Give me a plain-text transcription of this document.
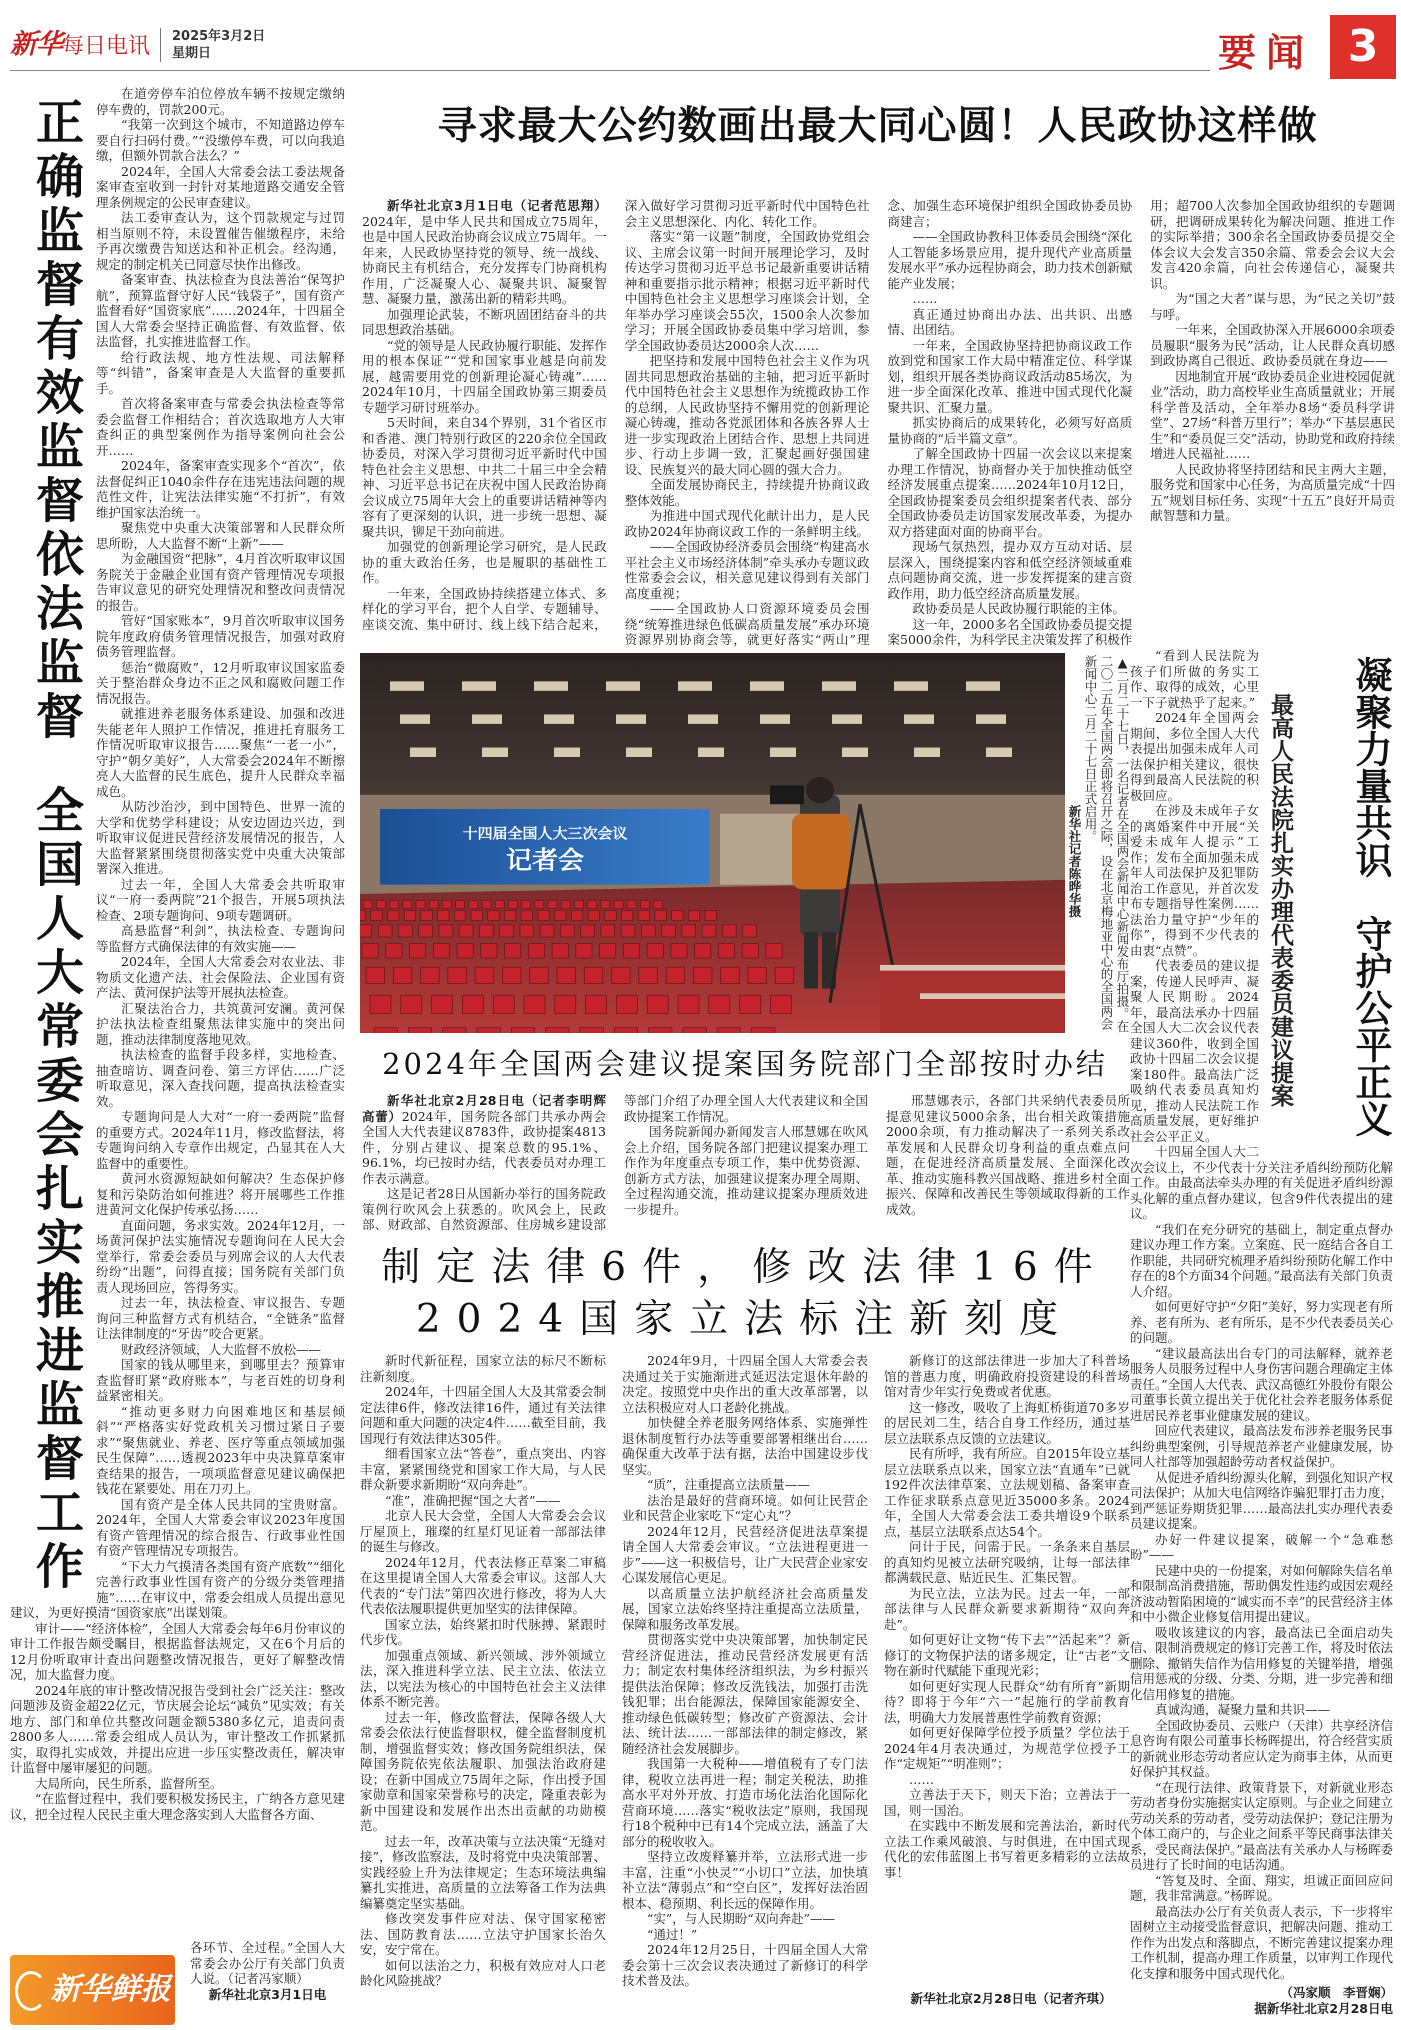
新华每日电讯 2025年3月2日
星期日	要闻 3
正确监督有效监督依法监督
全国人大常委会扎实推进监督工作

在道旁停车泊位停放车辆不按规定缴纳停车费的，罚款200元。

“我第一次到这个城市，不知道路边停车要自行扫码付费。”“没缴停车费，可以向我追缴，但额外罚款合法么？”

2024年，全国人大常委会法工委法规备案审查室收到一封针对某地道路交通安全管理条例规定的公民审查建议。

法工委审查认为，这个罚款规定与过罚相当原则不符，未设置催告催缴程序，未给予再次缴费告知送达和补正机会。经沟通，规定的制定机关已同意尽快作出修改。

备案审查、执法检查为良法善治“保驾护航”，预算监督守好人民“钱袋子”，国有资产监督看好“国资家底”……2024年，十四届全国人大常委会坚持正确监督、有效监督、依法监督，扎实推进监督工作。

给行政法规、地方性法规、司法解释等“纠错”，备案审查是人大监督的重要抓手。

首次将备案审查与常委会执法检查等常委会监督工作相结合；首次选取地方人大审查纠正的典型案例作为指导案例向社会公开……

2024年，备案审查实现多个“首次”，依法督促纠正1040余件存在违宪违法问题的规范性文件，让宪法法律实施“不打折”，有效维护国家法治统一。

聚焦党中央重大决策部署和人民群众所思所盼，人大监督不断“上新”——

为金融国资“把脉”，4月首次听取审议国务院关于金融企业国有资产管理情况专项报告审议意见的研究处理情况和整改问责情况的报告。

管好“国家账本”，9月首次听取审议国务院年度政府债务管理情况报告，加强对政府债务管理监督。

惩治“微腐败”，12月听取审议国家监委关于整治群众身边不正之风和腐败问题工作情况报告。

就推进养老服务体系建设、加强和改进失能老年人照护工作情况，推进托育服务工作情况听取审议报告……聚焦“一老一小”，守护“朝夕美好”，人大常委会2024年不断擦亮人大监督的民生底色，提升人民群众幸福成色。

从防沙治沙，到中国特色、世界一流的大学和优势学科建设；从安边固边兴边，到听取审议促进民营经济发展情况的报告，人大监督紧紧围绕贯彻落实党中央重大决策部署深入推进。

过去一年，全国人大常委会共听取审议“一府一委两院”21个报告，开展5项执法检查、2项专题询问、9项专题调研。

高悬监督“利剑”，执法检查、专题询问等监督方式确保法律的有效实施——

2024年，全国人大常委会对农业法、非物质文化遗产法、社会保险法、企业国有资产法、黄河保护法等开展执法检查。

汇聚法治合力，共筑黄河安澜。黄河保护法执法检查组聚焦法律实施中的突出问题，推动法律制度落地见效。

执法检查的监督手段多样，实地检查、抽查暗访、调查问卷、第三方评估……广泛听取意见，深入查找问题，提高执法检查实效。

专题询问是人大对“一府一委两院”监督的重要方式。2024年11月，修改监督法，将专题询问纳入专章作出规定，凸显其在人大监督中的重要性。

黄河水资源短缺如何解决？生态保护修复和污染防治如何推进？将开展哪些工作推进黄河文化保护传承弘扬……

直面问题，务求实效。2024年12月，一场黄河保护法实施情况专题询问在人民大会堂举行，常委会委员与列席会议的人大代表纷纷“出题”，问得直接；国务院有关部门负责人现场回应，答得务实。

过去一年，执法检查、审议报告、专题询问三种监督方式有机结合，“全链条”监督让法律制度的“牙齿”咬合更紧。

财政经济领域，人大监督不放松——

国家的钱从哪里来，到哪里去？预算审查监督盯紧“政府账本”，与老百姓的切身利益紧密相关。

“推动更多财力向困难地区和基层倾斜”“严格落实好党政机关习惯过紧日子要求”“聚焦就业、养老、医疗等重点领域加强民生保障”……透视2023年中央决算草案审查结果的报告，一项项监督意见建议确保把钱花在紧要处、用在刀刃上。

国有资产是全体人民共同的宝贵财富。2024年，全国人大常委会审议2023年度国有资产管理情况的综合报告、行政事业性国有资产管理情况专项报告。

“下大力气摸清各类国有资产底数”“细化完善行政事业性国有资产的分级分类管理措施”……在审议中，常委会组成人员提出意见建议，为更好摸清“国资家底”出谋划策。

审计——“经济体检”，全国人大常委会每年6月份审议的审计工作报告颇受瞩目，根据监督法规定，又在6个月后的12月份听取审计查出问题整改情况报告，更好了解整改情况，加大监督力度。

2024年底的审计整改情况报告受到社会广泛关注：整改问题涉及资金超22亿元，节庆展会论坛“减负”见实效；有关地方、部门和单位共整改问题金额5380多亿元，追责问责2800多人……常委会组成人员认为，审计整改工作抓紧抓实，取得扎实成效，并提出应进一步压实整改责任，解决审计监督中屡审屡犯的问题。

大局所向，民生所系，监督所至。

“在监督过程中，我们要积极发扬民主，广纳各方意见建议，把全过程人民民主重大理念落实到人大监督各方面、

新华鲜报

各环节、全过程。”全国人大常委会办公厅有关部门负责人说。（记者冯家顺）

新华社北京3月1日电
寻求最大公约数画出最大同心圆！人民政协这样做

新华社北京3月1日电（记者范思翔）2024年，是中华人民共和国成立75周年，也是中国人民政治协商会议成立75周年。一年来，人民政协坚持党的领导、统一战线、协商民主有机结合，充分发挥专门协商机构作用，广泛凝聚人心、凝聚共识、凝聚智慧、凝聚力量，激荡出新的精彩共鸣。

加强理论武装，不断巩固团结奋斗的共同思想政治基础。

“党的领导是人民政协履行职能、发挥作用的根本保证”“党和国家事业越是向前发展，越需要用党的创新理论凝心铸魂”……2024年10月，十四届全国政协第三期委员专题学习研讨班举办。

5天时间，来自34个界别，31个省区市和香港、澳门特别行政区的220余位全国政协委员，对深入学习贯彻习近平新时代中国特色社会主义思想、中共二十届三中全会精神、习近平总书记在庆祝中国人民政治协商会议成立75周年大会上的重要讲话精神等内容有了更深刻的认识，进一步统一思想、凝聚共识，铆足干劲向前进。

加强党的创新理论学习研究，是人民政协的重大政治任务，也是履职的基础性工作。

一年来，全国政协持续搭建立体式、多样化的学习平台，把个人自学、专题辅导、座谈交流、集中研讨、线上线下结合起来，深入做好学习贯彻习近平新时代中国特色社会主义思想深化、内化、转化工作。

落实“第一议题”制度，全国政协党组会议、主席会议第一时间开展理论学习，及时传达学习贯彻习近平总书记最新重要讲话精神和重要指示批示精神；根据习近平新时代中国特色社会主义思想学习座谈会计划，全年举办学习座谈会55次，1500余人次参加学习；开展全国政协委员集中学习培训，参学全国政协委员达2000余人次……

把坚持和发展中国特色社会主义作为巩固共同思想政治基础的主轴，把习近平新时代中国特色社会主义思想作为统揽政协工作的总纲，人民政协坚持不懈用党的创新理论凝心铸魂，推动各党派团体和各族各界人士进一步实现政治上团结合作、思想上共同进步、行动上步调一致，汇聚起画好强国建设、民族复兴的最大同心圆的强大合力。

全面发展协商民主，持续提升协商议政整体效能。

为推进中国式现代化献计出力，是人民政协2024年协商议政工作的一条鲜明主线。

——全国政协经济委员会围绕“构建高水平社会主义市场经济体制”牵头承办专题议政性常委会会议，相关意见建议得到有关部门高度重视；

——全国政协人口资源环境委员会围绕“统筹推进绿色低碳高质量发展”承办环境资源界别协商会等，就更好落实“两山”理念、加强生态环境保护组织全国政协委员协商建言；

——全国政协教科卫体委员会围绕“深化人工智能多场景应用，提升现代产业高质量发展水平”承办远程协商会，助力技术创新赋能产业发展；

……

真正通过协商出办法、出共识、出感情、出团结。

一年来，全国政协坚持把协商议政工作放到党和国家工作大局中精准定位、科学谋划，组织开展各类协商议政活动85场次，为进一步全面深化改革、推进中国式现代化凝聚共识、汇聚力量。

抓实协商后的成果转化，必须写好高质量协商的“后半篇文章”。

了解全国政协十四届一次会议以来提案办理工作情况，协商督办关于加快推动低空经济发展重点提案……2024年10月12日，全国政协提案委员会组织提案者代表、部分全国政协委员走访国家发展改革委，为提办双方搭建面对面的协商平台。

现场气氛热烈，提办双方互动对话、层层深入，围绕提案内容和低空经济领域重难点问题协商交流，进一步发挥提案的建言资政作用，助力低空经济高质量发展。

政协委员是人民政协履行职能的主体。

这一年，2000多名全国政协委员提交提案5000余件，为科学民主决策发挥了积极作用；超700人次参加全国政协组织的专题调研，把调研成果转化为解决问题、推进工作的实际举措；300余名全国政协委员提交全体会议大会发言350余篇、常委会会议大会发言420余篇，向社会传递信心，凝聚共识。

为“国之大者”谋与思，为“民之关切”鼓与呼。

一年来，全国政协深入开展6000余项委员履职“服务为民”活动，让人民群众真切感到政协离自己很近、政协委员就在身边——

因地制宜开展“政协委员企业进校园促就业”活动，助力高校毕业生高质量就业；开展科学普及活动，全年举办8场“委员科学讲堂”、27场“科普万里行”；举办“下基层惠民生”和“委员促三交”活动，协助党和政府持续增进人民福祉……

人民政协将坚持团结和民主两大主题，服务党和国家中心任务，为高质量完成“十四五”规划目标任务、实现“十五五”良好开局贡献智慧和力量。

十四届全国人大三次会议
记者会	▲二月二十七日，一名记者在全国两会新闻中心新闻发布厅拍摄。在二〇二五年全国两会即将召开之际，设在北京梅地亚中心的全国两会新闻中心二月二十七日正式启用。
新华社记者陈晔华摄
2024年全国两会建议提案国务院部门全部按时办结

新华社北京2月28日电（记者李明辉　高蕾）2024年，国务院各部门共承办两会全国人大代表建议8783件，政协提案4813件，分别占建议、提案总数的95.1%、96.1%，均已按时办结，代表委员对办理工作表示满意。

这是记者28日从国新办举行的国务院政策例行吹风会上获悉的。吹风会上，民政部、财政部、自然资源部、住房城乡建设部等部门介绍了办理全国人大代表建议和全国政协提案工作情况。

国务院新闻办新闻发言人邢慧娜在吹风会上介绍，国务院各部门把建议提案办理工作作为年度重点专项工作，集中优势资源、创新方式方法，加强建议提案办理全周期、全过程沟通交流，推动建议提案办理质效进一步提升。

邢慧娜表示，各部门共采纳代表委员所提意见建议5000余条，出台相关政策措施2000余项，有力推动解决了一系列关系改革发展和人民群众切身利益的重点难点问题，在促进经济高质量发展、全面深化改革、推动实施科教兴国战略、推进乡村全面振兴、保障和改善民生等领域取得新的工作成效。

制定法律6件，修改法律16件
2024国家立法标注新刻度

新时代新征程，国家立法的标尺不断标注新刻度。

2024年，十四届全国人大及其常委会制定法律6件，修改法律16件，通过有关法律问题和重大问题的决定4件……截至目前，我国现行有效法律达305件。

细看国家立法“答卷”，重点突出、内容丰富，紧紧围绕党和国家工作大局，与人民群众新要求新期盼“双向奔赴”。

“准”，准确把握“国之大者”——

北京人民大会堂，全国人大常委会会议厅屋顶上，璀璨的红星灯见证着一部部法律的诞生与修改。

2024年12月，代表法修正草案二审稿在这里提请全国人大常委会审议。这部人大代表的“专门法”第四次进行修改，将为人大代表依法履职提供更加坚实的法律保障。

国家立法，始终紧扣时代脉搏、紧跟时代步伐。

加强重点领域、新兴领域、涉外领域立法，深入推进科学立法、民主立法、依法立法，以宪法为核心的中国特色社会主义法律体系不断完善。

过去一年，修改监督法，保障各级人大常委会依法行使监督职权，健全监督制度机制，增强监督实效；修改国务院组织法，保障国务院依宪依法履职、加强法治政府建设；在新中国成立75周年之际，作出授予国家勋章和国家荣誉称号的决定，隆重表彰为新中国建设和发展作出杰出贡献的功勋模范。

过去一年，改革决策与立法决策“无缝对接”，修改监察法，及时将党中央决策部署、实践经验上升为法律规定；生态环境法典编纂扎实推进，高质量的立法筹备工作为法典编纂奠定坚实基础。

修改突发事件应对法、保守国家秘密法、国防教育法……立法守护国家长治久安，安宁常在。

如何以法治之力，积极有效应对人口老龄化风险挑战？

2024年9月，十四届全国人大常委会表决通过关于实施渐进式延迟法定退休年龄的决定。按照党中央作出的重大改革部署，以立法积极应对人口老龄化挑战。

加快健全养老服务网络体系、实施弹性退休制度暂行办法等重要部署相继出台……确保重大改革于法有据，法治中国建设步伐坚实。

“质”，注重提高立法质量——

法治是最好的营商环境。如何让民营企业和民营企业家吃下“定心丸”？

2024年12月，民营经济促进法草案提请全国人大常委会审议。“立法进程更进一步”——这一积极信号，让广大民营企业家安心谋发展信心更足。

以高质量立法护航经济社会高质量发展，国家立法始终坚持注重提高立法质量，保障和服务改革发展。

贯彻落实党中央决策部署，加快制定民营经济促进法，推动民营经济发展更有活力；制定农村集体经济组织法，为乡村振兴提供法治保障；修改反洗钱法，加强打击洗钱犯罪；出台能源法，保障国家能源安全、推动绿色低碳转型；修改矿产资源法、会计法、统计法……一部部法律的制定修改，紧随经济社会发展脚步。

我国第一大税种——增值税有了专门法律，税收立法再进一程；制定关税法，助推高水平对外开放、打造市场化法治化国际化营商环境……落实“税收法定”原则，我国现行18个税种中已有14个完成立法，涵盖了大部分的税收收入。

坚持立改废释纂并举，立法形式进一步丰富，注重“小快灵”“小切口”立法，加快填补立法“薄弱点”和“空白区”，发挥好法治固根本、稳预期、利长远的保障作用。

“实”，与人民期盼“双向奔赴”——

“通过！”

2024年12月25日，十四届全国人大常委会第十三次会议表决通过了新修订的科学技术普及法。

新修订的这部法律进一步加大了科普场馆的普惠力度，明确政府投资建设的科普场馆对青少年实行免费或者优惠。

这一修改，吸收了上海虹桥街道70多岁的居民刘二生，结合自身工作经历，通过基层立法联系点反馈的立法建议。

民有所呼，我有所应。自2015年设立基层立法联系点以来，国家立法“直通车”已就192件次法律草案、立法规划稿、备案审查工作征求联系点意见近35000多条。2024年，全国人大常委会法工委共增设9个联系点，基层立法联系点达54个。

问计于民，问需于民。一条条来自基层的真知灼见被立法研究吸纳，让每一部法律都满载民意、贴近民生、汇集民智。

为民立法，立法为民。过去一年，一部部法律与人民群众新要求新期待“双向奔赴”。

如何更好让文物“传下去”“活起来”？新修订的文物保护法的诸多规定，让“古老”文物在新时代赋能下重现光彩；

如何更好实现人民群众“幼有所育”新期待？即将于今年“六一”起施行的学前教育法，明确大力发展普惠性学前教育资源；

如何更好保障学位授予质量？学位法于2024年4月表决通过，为规范学位授予工作“定规矩”“明准则”；

……

立善法于天下，则天下治；立善法于一国，则一国治。

在实践中不断发展和完善法治，新时代立法工作乘风破浪、与时俱进，在中国式现代化的宏伟蓝图上书写着更多精彩的立法故事！

新华社北京2月28日电（记者齐琪）
凝聚力量共识　守护公平正义
最高人民法院扎实办理代表委员建议提案

“看到人民法院为孩子们所做的务实工作、取得的成效，心里一下子就热乎了起来。”

2024年全国两会期间，多位全国人大代表提出加强未成年人司法保护相关建议，很快得到最高人民法院的积极回应。

在涉及未成年子女的离婚案件中开展“关爱未成年人提示”工作；发布全面加强未成年人司法保护及犯罪防治工作意见，并首次发布专题指导性案例……法治力量守护“少年的你”，得到不少代表的由衷“点赞”。

代表委员的建议提案，传递人民呼声、凝聚人民期盼。2024年，最高法承办十四届全国人大二次会议代表建议360件，收到全国政协十四届二次会议提案180件。最高法广泛吸纳代表委员真知灼见，推动人民法院工作高质量发展，更好维护社会公平正义。

十四届全国人大二次会议上，不少代表十分关注矛盾纠纷预防化解工作。由最高法牵头办理的有关促进矛盾纠纷源头化解的重点督办建议，包含9件代表提出的建议。

“我们在充分研究的基础上，制定重点督办建议办理工作方案。立案庭、民一庭结合各自工作职能，共同研究梳理矛盾纠纷预防化解工作中存在的8个方面34个问题。”最高法有关部门负责人介绍。

如何更好守护“夕阳”美好，努力实现老有所养、老有所为、老有所乐，是不少代表委员关心的问题。

“建议最高法出台专门的司法解释，就养老服务人员服务过程中人身伤害问题合理确定主体责任。”全国人大代表、武汉高德红外股份有限公司董事长黄立提出关于优化社会养老服务体系促进居民养老事业健康发展的建议。

回应代表建议，最高法发布涉养老服务民事纠纷典型案例，引导规范养老产业健康发展，协同人社部等加强超龄劳动者权益保护。

从促进矛盾纠纷源头化解，到强化知识产权司法保护；从加大电信网络诈骗犯罪打击力度，到严惩证券期货犯罪……最高法扎实办理代表委员建议提案。

办好一件建议提案，破解一个“急难愁盼”——

民建中央的一份提案，对如何解除失信名单和限制高消费措施，帮助偶发性违约或因宏观经济波动暂陷困境的“诚实而不幸”的民营经济主体和中小微企业修复信用提出建议。

吸收该建议的内容，最高法已全面启动失信、限制消费规定的修订完善工作，将及时依法删除、撤销失信作为信用修复的关键举措，增强信用惩戒的分级、分类、分期，进一步完善和细化信用修复的措施。

真诚沟通，凝聚力量和共识——

全国政协委员、云账户（天津）共享经济信息咨询有限公司董事长杨晖提出，符合经营实质的新就业形态劳动者应认定为商事主体，从而更好保护其权益。

“在现行法律、政策背景下，对新就业形态劳动者身份实施据实认定原则。与企业之间建立劳动关系的劳动者，受劳动法保护；登记注册为个体工商户的，与企业之间系平等民商事法律关系，受民商法保护。”最高法有关承办人与杨晖委员进行了长时间的电话沟通。

“答复及时、全面、翔实，坦诚正面回应问题，我非常满意。”杨晖说。

最高法办公厅有关负责人表示，下一步将牢固树立主动接受监督意识，把解决问题、推动工作作为出发点和落脚点，不断完善建议提案办理工作机制，提高办理工作质量，以审判工作现代化支撑和服务中国式现代化。

（冯家顺　李晋娴）
据新华社北京2月28日电
